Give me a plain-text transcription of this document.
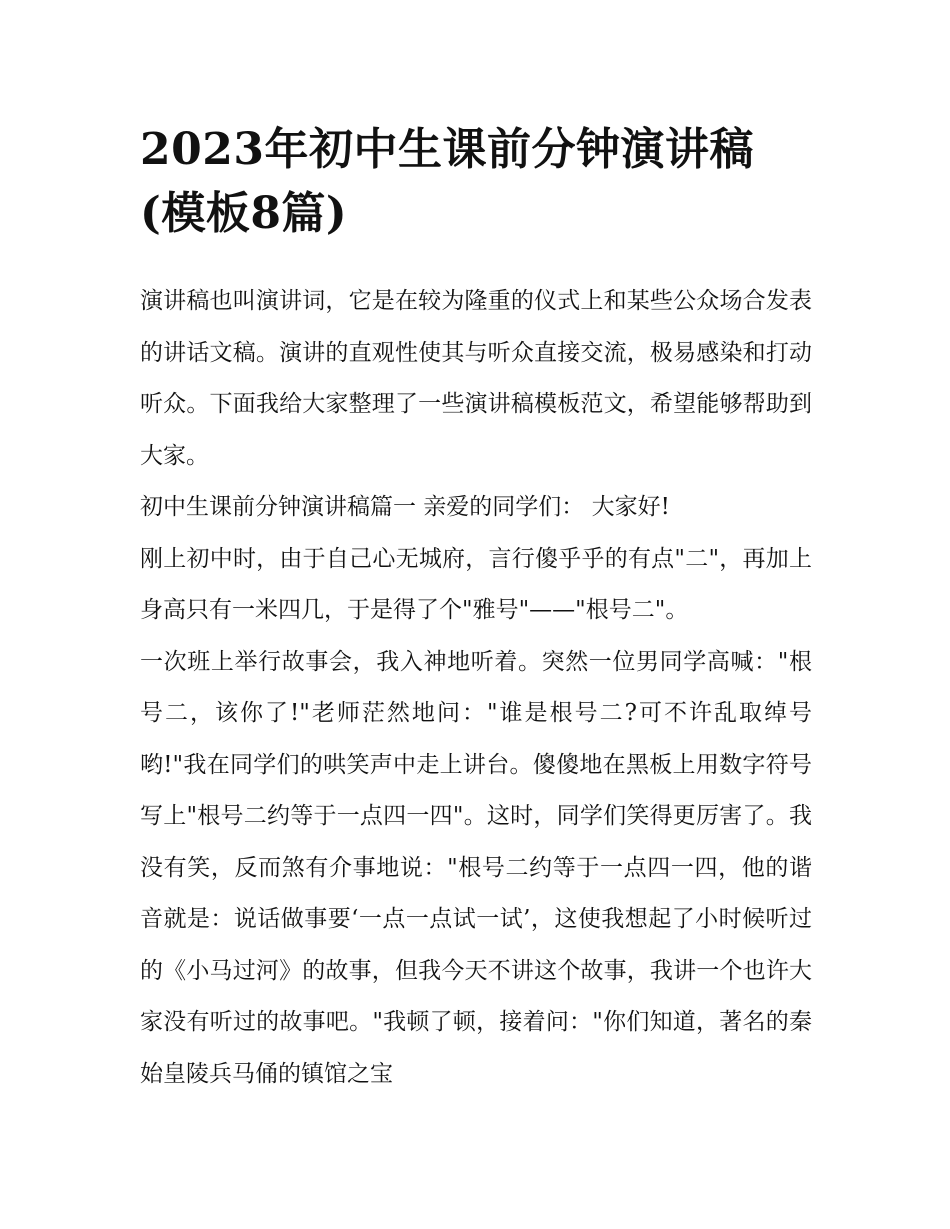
2023年初中生课前分钟演讲稿(模板8篇)

演讲稿也叫演讲词，它是在较为隆重的仪式上和某些公众场合发表的讲话文稿。演讲的直观性使其与听众直接交流，极易感染和打动听众。下面我给大家整理了一些演讲稿模板范文，希望能够帮助到大家。

初中生课前分钟演讲稿篇一 亲爱的同学们： 大家好!

刚上初中时，由于自己心无城府，言行傻乎乎的有点"二"，再加上身高只有一米四几，于是得了个"雅号"——"根号二"。

一次班上举行故事会，我入神地听着。突然一位男同学高喊："根号二，该你了!"老师茫然地问："谁是根号二?可不许乱取绰号哟!"我在同学们的哄笑声中走上讲台。傻傻地在黑板上用数字符号写上"根号二约等于一点四一四"。这时，同学们笑得更厉害了。我没有笑，反而煞有介事地说："根号二约等于一点四一四，他的谐音就是：说话做事要‘一点一点试一试’，这使我想起了小时候听过的《小马过河》的故事，但我今天不讲这个故事，我讲一个也许大家没有听过的故事吧。"我顿了顿，接着问："你们知道，著名的秦始皇陵兵马俑的镇馆之宝
